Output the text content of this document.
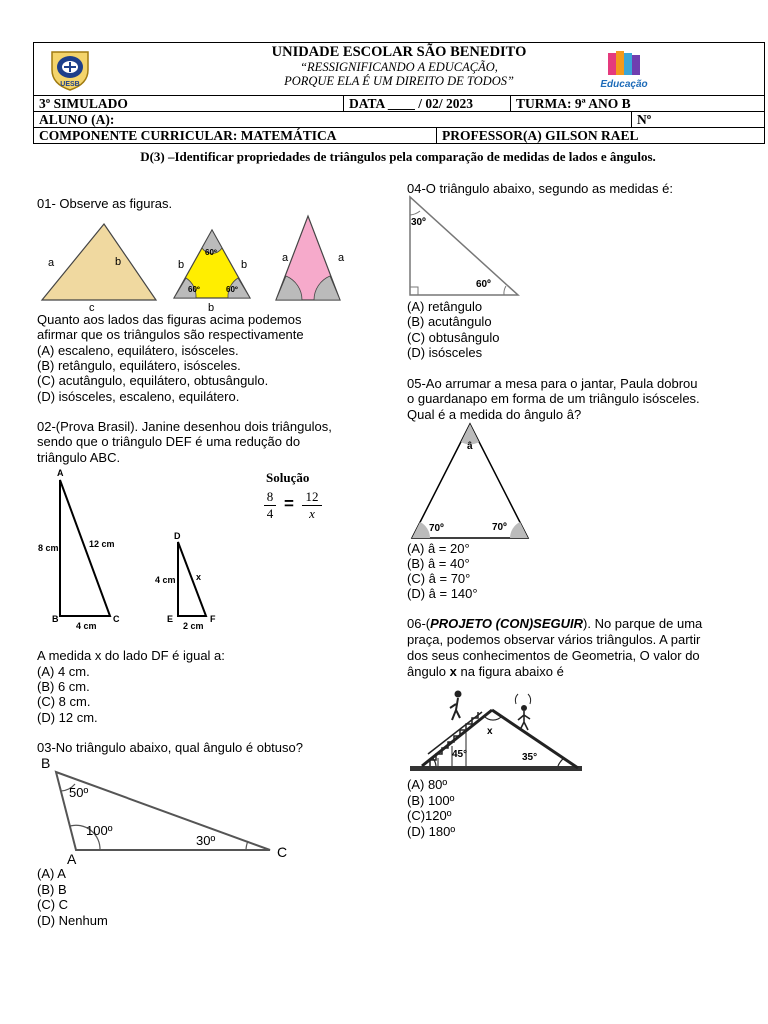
UESB
UNIDADE ESCOLAR SÃO BENEDITO
“RESSIGNIFICANDO A EDUCAÇÃO,
PORQUE ELA É UM DIREITO DE TODOS”	Educação
3º SIMULADO	DATA ____ / 02/ 2023	TURMA: 9ª ANO B
ALUNO (A):	Nº
COMPONENTE CURRICULAR: MATEMÁTICA	PROFESSOR(A) GILSON RAEL
D(3) –Identificar propriedades de triângulos pela comparação de medidas de lados e ângulos.
01- Observe as figuras.
a	b
c
b	b
b
60º
60º	60º
a	a
Quanto aos lados das figuras acima podemos
afirmar que os triângulos são respectivamente
(A) escaleno, equilátero, isósceles.
(B) retângulo, equilátero, isósceles.
(C) acutângulo, equilátero, obtusângulo.
(D) isósceles, escaleno, equilátero.
02-(Prova Brasil). Janine desenhou dois triângulos,
sendo que o triângulo DEF é uma redução do
triângulo ABC.
A
B	C
8 cm	12 cm
4 cm
D
E	F
4 cm x
2 cm
Solução
8
4
= 12
x
A medida x do lado DF é igual a:
(A) 4 cm.
(B) 6 cm.
(C) 8 cm.
(D) 12 cm.
03-No triângulo abaixo, qual ângulo é obtuso?
B
A	C
50º
100º
30º
(A) A
(B) B
(C) C
(D) Nenhum
04-O triângulo abaixo, segundo as medidas é:
30º
60º
(A) retângulo
(B) acutângulo
(C) obtusângulo
(D) isósceles
05-Ao arrumar a mesa para o jantar, Paula dobrou
o guardanapo em forma de um triângulo isósceles.
Qual é a medida do ângulo â?
â
70º	70º
(A) â = 20°
(B) â = 40°
(C) â = 70°
(D) â = 140°
06-(PROJETO (CON)SEGUIR). No parque de uma
praça, podemos observar vários triângulos. A partir
dos seus conhecimentos de Geometria, O valor do
ângulo x na figura abaixo é
x
45°	35°
(A) 80º
(B) 100º
(C)120º
(D) 180º
